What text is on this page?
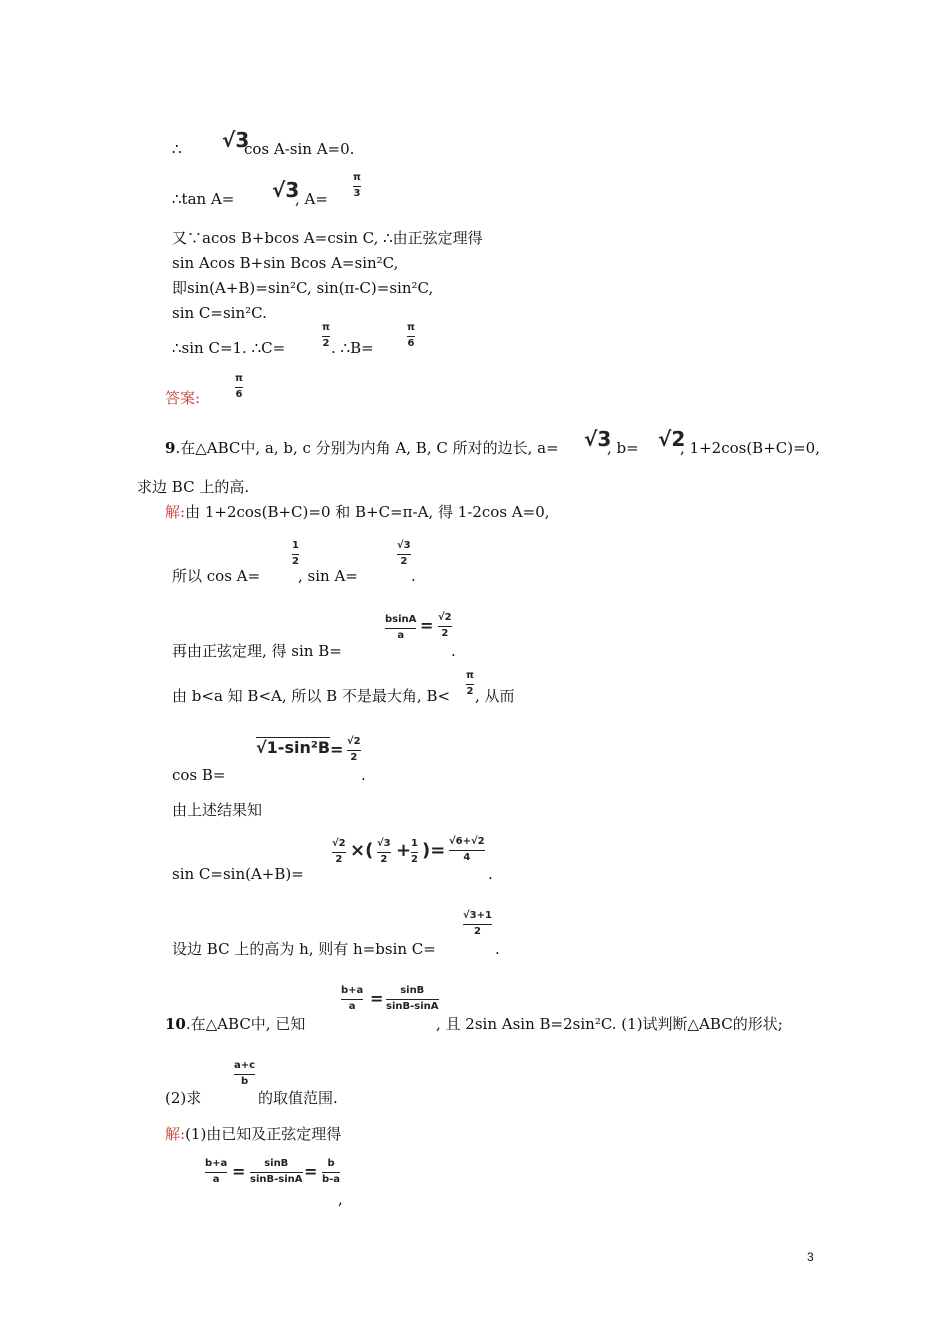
∴ √3
cos A-sin A=0.
∴tan A= √3
, A=
π
3
又∵acos B+bcos A=csin C, ∴由正弦定理得
sin Acos B+sin Bcos A=sin²C,
即sin(A+B)=sin²C, sin(π-C)=sin²C,
sin C=sin²C.
∴sin C=1. ∴C=
π
2 . ∴B=
π
6
答案:
π
6
9.在△ABC中, a, b, c 分别为内角 A, B, C 所对的边长, a= √3
, b= √2
, 1+2cos(B+C)=0,
求边 BC 上的高.
解:由 1+2cos(B+C)=0 和 B+C=π-A, 得 1-2cos A=0,
所以 cos A=
1
2
, sin A=
√3
2
.
再由正弦定理, 得 sin B=
bsinA
a
= √2
2
.
由 b<a 知 B<A, 所以 B 不是最大角, B<
π
2 , 从而
cos B=
√1-sin²B = √2
2
.
由上述结果知
sin C=sin(A+B)=
√2
2 ×( √3
2 + 1
2 )= √6+√2
4
.
设边 BC 上的高为 h, 则有 h=bsin C=
√3+1
2
.
10.在△ABC中, 已知
b+a
a = sinB
sinB-sinA
, 且 2sin Asin B=2sin²C. (1)试判断△ABC的形状;
(2)求
a+c
b
的取值范围.
解:(1)由已知及正弦定理得
b+a
a = sinB
sinB-sinA = b
b-a
,
3
